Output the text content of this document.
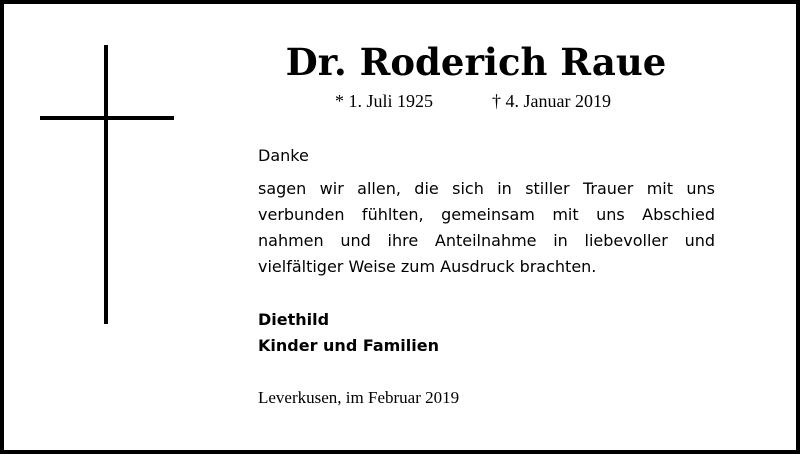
Dr. Roderich Raue
* 1. Juli 1925	† 4. Januar 2019
Danke
sagen wir allen, die sich in stiller Trauer mit uns verbunden fühlten, gemeinsam mit uns Abschied nahmen und ihre Anteilnahme in liebevoller und vielfältiger Weise zum Ausdruck brachten.
Diethild
Kinder und Familien
Leverkusen, im Februar 2019
